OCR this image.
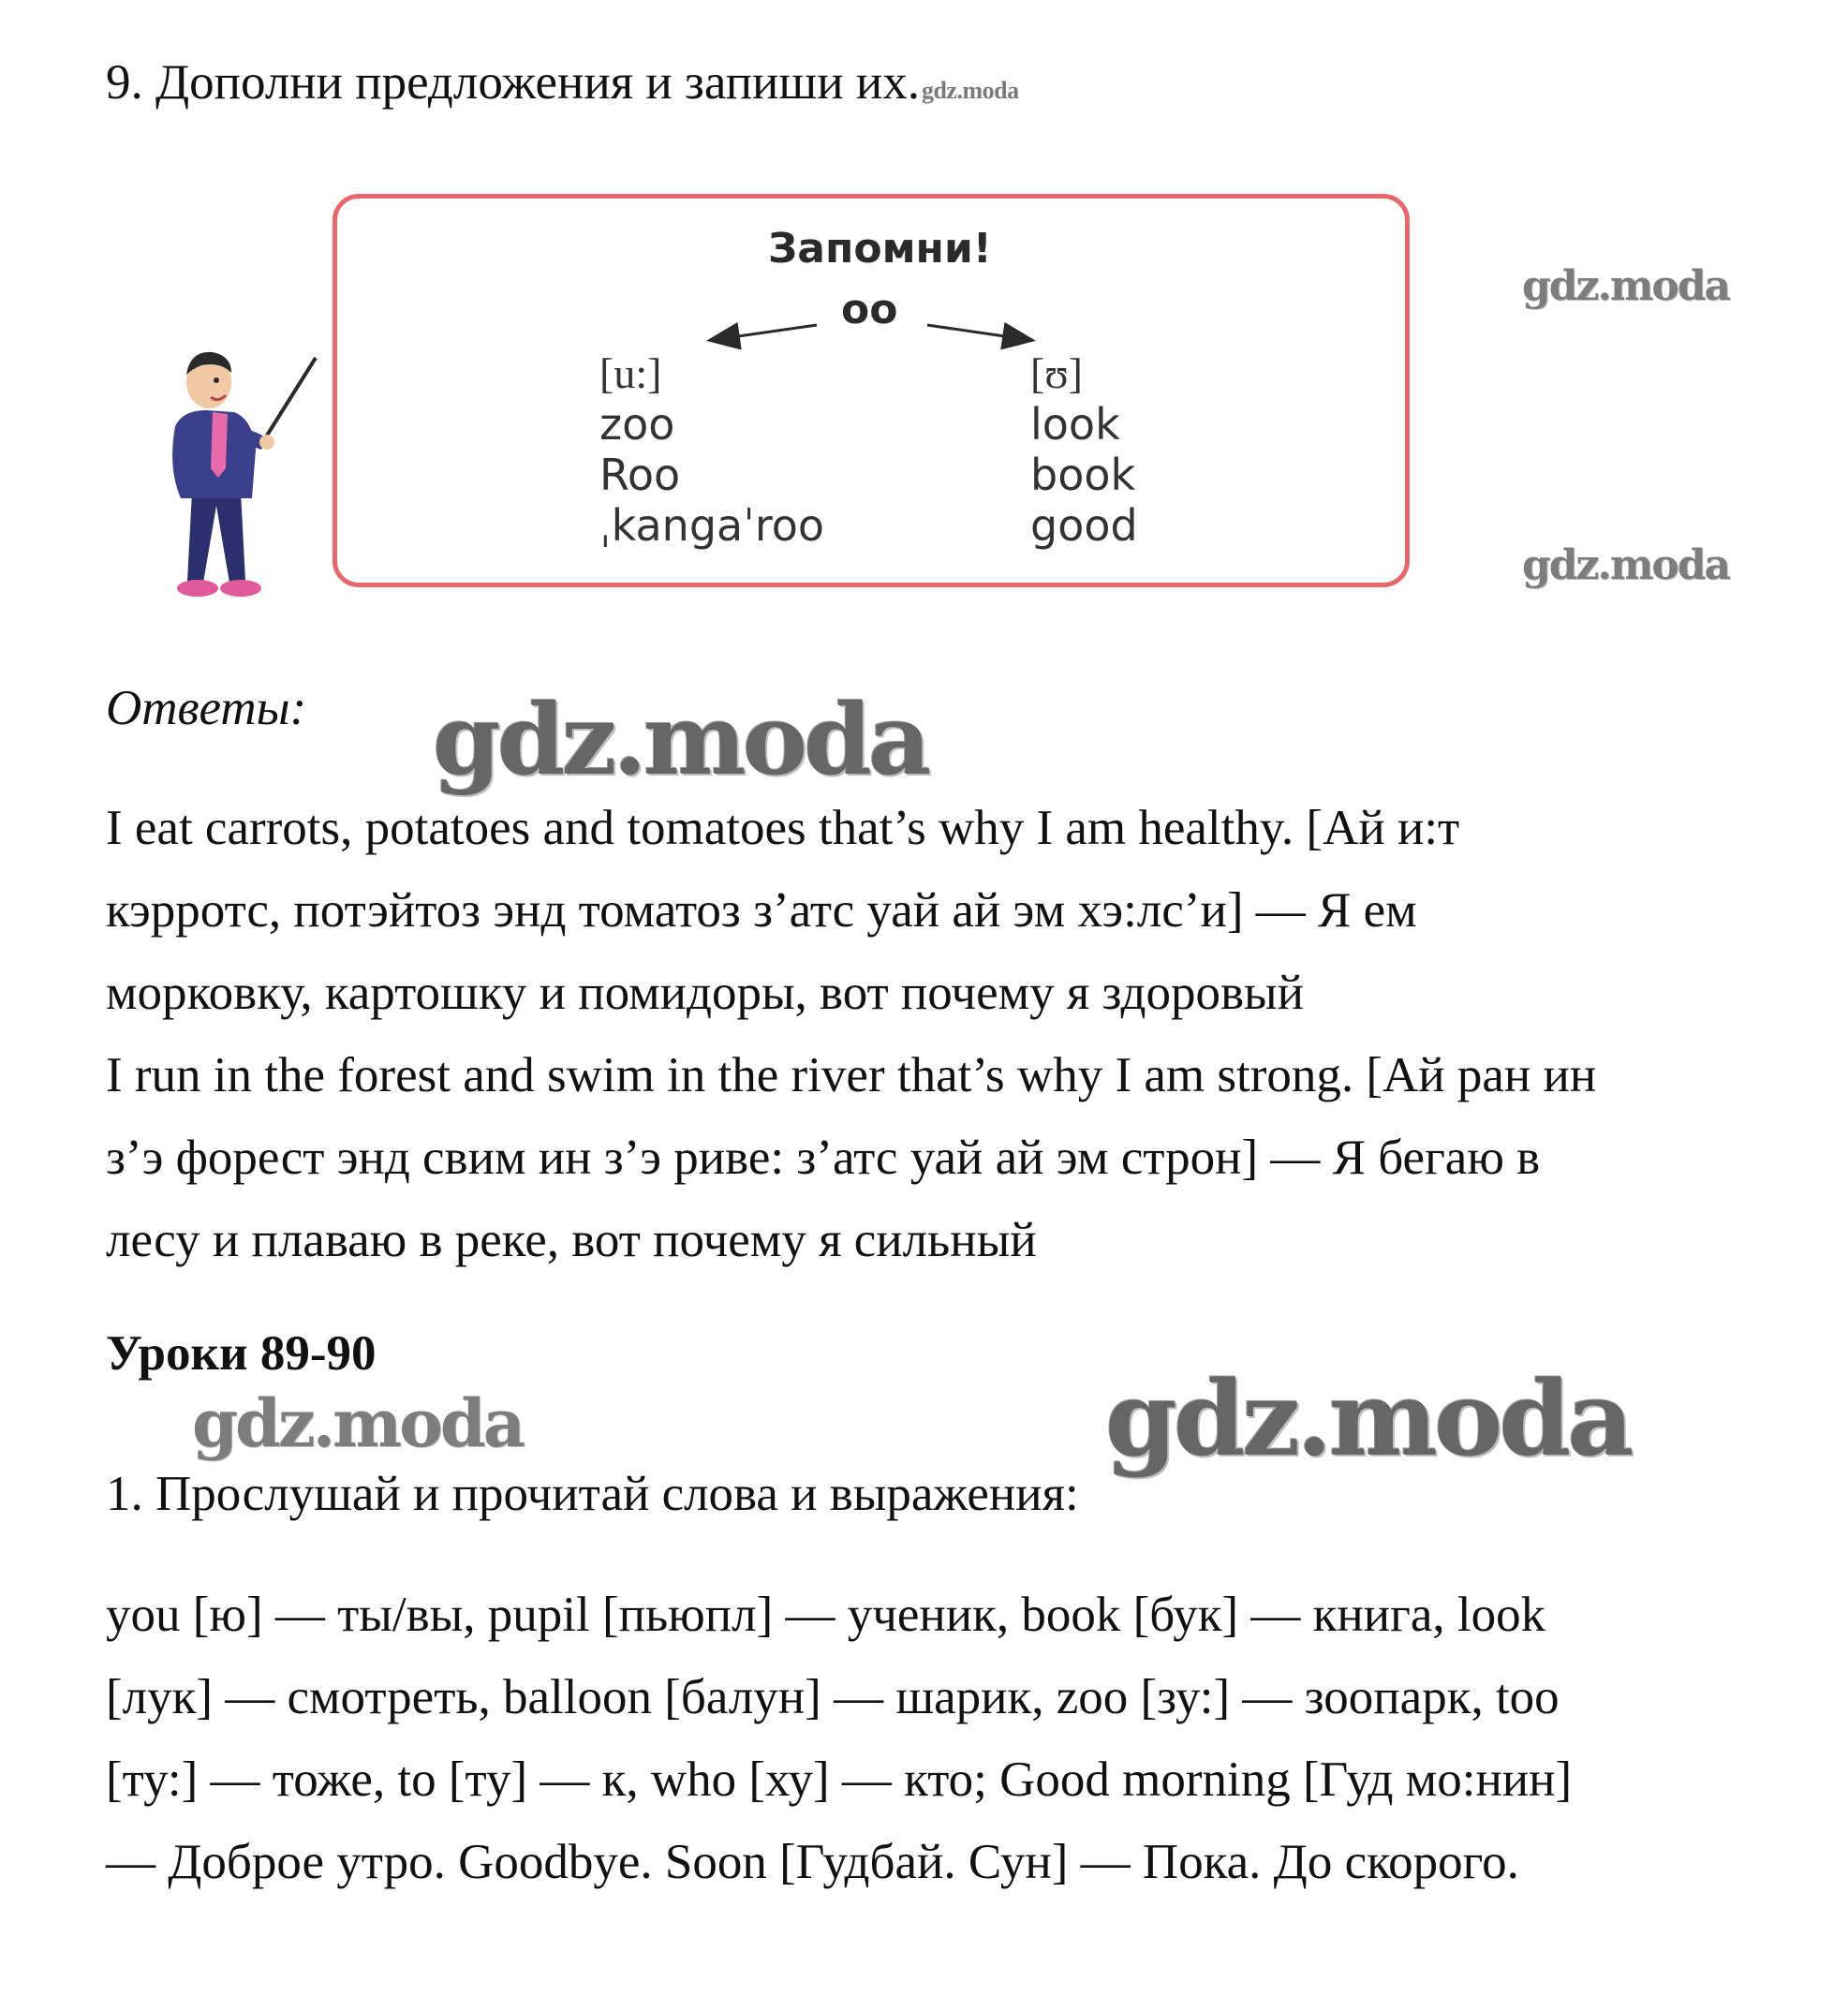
9. Дополни предложения и запиши их.gdz.moda
Запомни!
oo
[u:]
zoo
Roo
ˌkangaˈroo
[ʊ]
look
book
good
gdz.moda
gdz.moda
Ответы: gdz.moda
I eat carrots, potatoes and tomatoes that’s why I am healthy. [Ай и:т
кэрротс, потэйтоз энд томатоз з’атс уай ай эм хэ:лс’и] — Я ем
морковку, картошку и помидоры, вот почему я здоровый
I run in the forest and swim in the river that’s why I am strong. [Ай ран ин
з’э форест энд свим ин з’э риве: з’атс уай ай эм строн] — Я бегаю в
лесу и плаваю в реке, вот почему я сильный
Уроки 89-90
gdz.moda	gdz.moda
1. Прослушай и прочитай слова и выражения:
you [ю] — ты/вы, pupil [пьюпл] — ученик, book [бук] — книга, look
[лук] — смотреть, balloon [балун] — шарик, zoo [зу:] — зоопарк, too
[ту:] — тоже, to [ту] — к, who [ху] — кто; Good morning [Гуд мо:нин]
— Доброе утро. Goodbye. Soon [Гудбай. Сун] — Пока. До скорого.
